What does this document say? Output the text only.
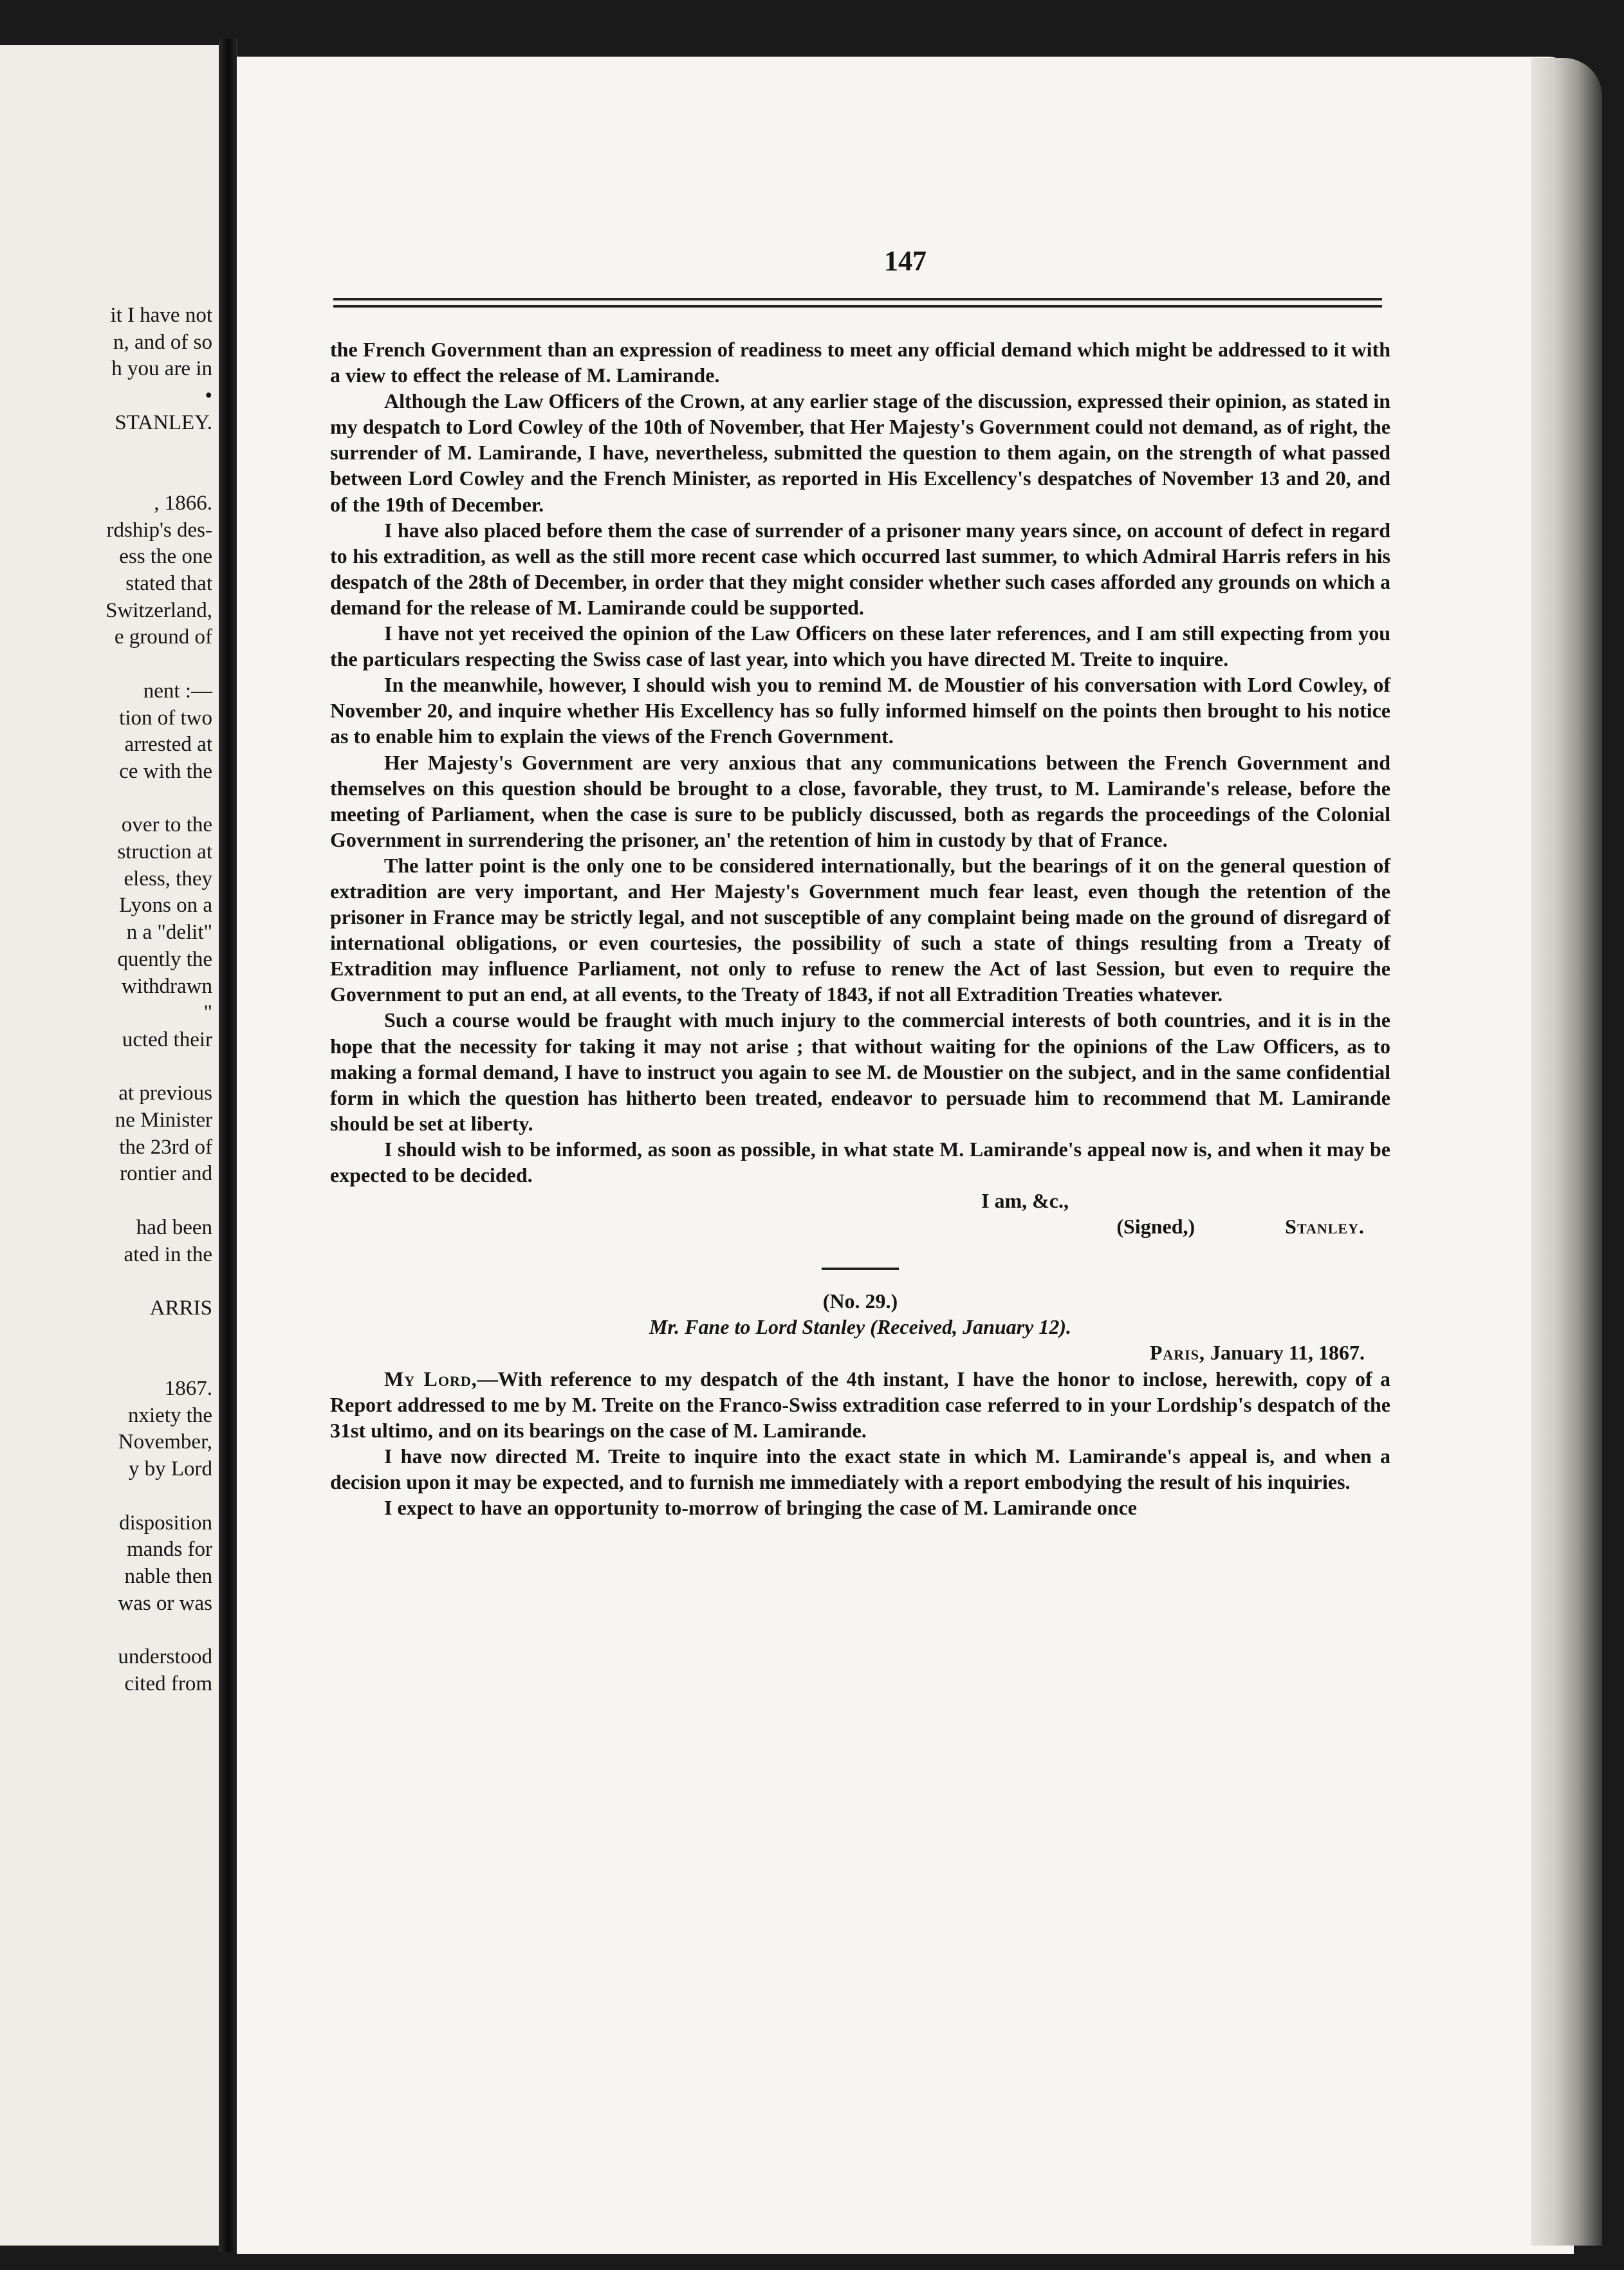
it I have not
n, and of so
h you are in
•
STANLEY.
, 1866.
rdship's des-
ess the one
stated that
Switzerland,
e ground of
nent :—
tion of two
arrested at
ce with the
over to the
struction at
eless, they
Lyons on a
n a "delit"
quently the
withdrawn
"
ucted their
at previous
ne Minister
the 23rd of
rontier and
had been
ated in the
ARRIS
1867.
nxiety the
November,
y by Lord
disposition
mands for
nable then
was or was
understood
cited from
147

the French Government than an expression of readiness to meet any official demand which might be addressed to it with a view to effect the release of M. Lamirande.

Although the Law Officers of the Crown, at any earlier stage of the discussion, expressed their opinion, as stated in my despatch to Lord Cowley of the 10th of November, that Her Majesty's Government could not demand, as of right, the surrender of M. Lamirande, I have, nevertheless, submitted the question to them again, on the strength of what passed between Lord Cowley and the French Minister, as reported in His Excellency's despatches of November 13 and 20, and of the 19th of December.

I have also placed before them the case of surrender of a prisoner many years since, on account of defect in regard to his extradition, as well as the still more recent case which occurred last summer, to which Admiral Harris refers in his despatch of the 28th of December, in order that they might consider whether such cases afforded any grounds on which a demand for the release of M. Lamirande could be supported.

I have not yet received the opinion of the Law Officers on these later references, and I am still expecting from you the particulars respecting the Swiss case of last year, into which you have directed M. Treite to inquire.

In the meanwhile, however, I should wish you to remind M. de Moustier of his conversation with Lord Cowley, of November 20, and inquire whether His Excellency has so fully informed himself on the points then brought to his notice as to enable him to explain the views of the French Government.

Her Majesty's Government are very anxious that any communications between the French Government and themselves on this question should be brought to a close, favorable, they trust, to M. Lamirande's release, before the meeting of Parliament, when the case is sure to be publicly discussed, both as regards the proceedings of the Colonial Government in surrendering the prisoner, an' the retention of him in custody by that of France.

The latter point is the only one to be considered internationally, but the bearings of it on the general question of extradition are very important, and Her Majesty's Government much fear least, even though the retention of the prisoner in France may be strictly legal, and not susceptible of any complaint being made on the ground of disregard of international obligations, or even courtesies, the possibility of such a state of things resulting from a Treaty of Extradition may influence Parliament, not only to refuse to renew the Act of last Session, but even to require the Government to put an end, at all events, to the Treaty of 1843, if not all Extradition Treaties whatever.

Such a course would be fraught with much injury to the commercial interests of both countries, and it is in the hope that the necessity for taking it may not arise ; that without waiting for the opinions of the Law Officers, as to making a formal demand, I have to instruct you again to see M. de Moustier on the subject, and in the same confidential form in which the question has hitherto been treated, endeavor to persuade him to recommend that M. Lamirande should be set at liberty.

I should wish to be informed, as soon as possible, in what state M. Lamirande's appeal now is, and when it may be expected to be decided.

I am, &c.,

(Signed,)	Stanley.

(No. 29.)

Mr. Fane to Lord Stanley (Received, January 12).

Paris, January 11, 1867.

My Lord,—With reference to my despatch of the 4th instant, I have the honor to inclose, herewith, copy of a Report addressed to me by M. Treite on the Franco-Swiss extradition case referred to in your Lordship's despatch of the 31st ultimo, and on its bearings on the case of M. Lamirande.

I have now directed M. Treite to inquire into the exact state in which M. Lamirande's appeal is, and when a decision upon it may be expected, and to furnish me immediately with a report embodying the result of his inquiries.

I expect to have an opportunity to-morrow of bringing the case of M. Lamirande once
